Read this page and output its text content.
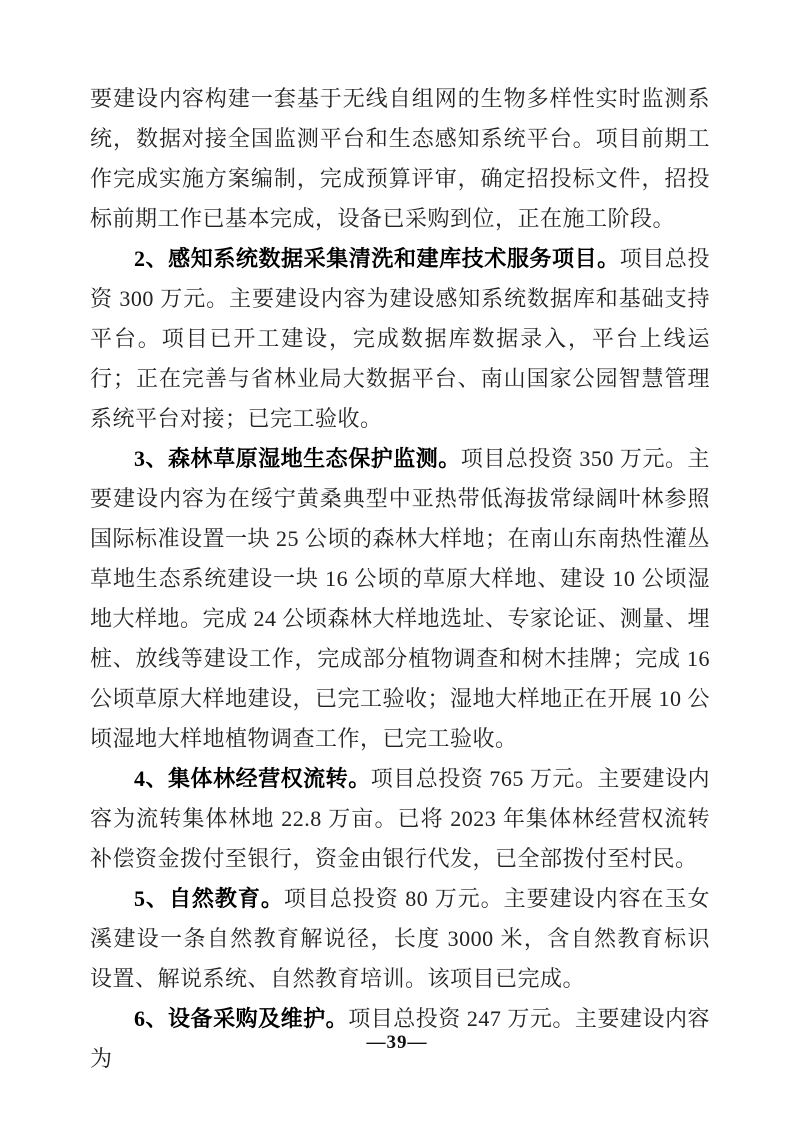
要建设内容构建一套基于无线自组网的生物多样性实时监测系统，数据对接全国监测平台和生态感知系统平台。项目前期工作完成实施方案编制，完成预算评审，确定招投标文件，招投标前期工作已基本完成，设备已采购到位，正在施工阶段。

2、感知系统数据采集清洗和建库技术服务项目。项目总投资 300 万元。主要建设内容为建设感知系统数据库和基础支持平台。项目已开工建设，完成数据库数据录入，平台上线运行；正在完善与省林业局大数据平台、南山国家公园智慧管理系统平台对接；已完工验收。

3、森林草原湿地生态保护监测。项目总投资 350 万元。主要建设内容为在绥宁黄桑典型中亚热带低海拔常绿阔叶林参照国际标准设置一块 25 公顷的森林大样地；在南山东南热性灌丛草地生态系统建设一块 16 公顷的草原大样地、建设 10 公顷湿地大样地。完成 24 公顷森林大样地选址、专家论证、测量、埋桩、放线等建设工作，完成部分植物调查和树木挂牌；完成 16 公顷草原大样地建设，已完工验收；湿地大样地正在开展 10 公顷湿地大样地植物调查工作，已完工验收。

4、集体林经营权流转。项目总投资 765 万元。主要建设内容为流转集体林地 22.8 万亩。已将 2023 年集体林经营权流转补偿资金拨付至银行，资金由银行代发，已全部拨付至村民。

5、自然教育。项目总投资 80 万元。主要建设内容在玉女溪建设一条自然教育解说径，长度 3000 米，含自然教育标识设置、解说系统、自然教育培训。该项目已完成。

6、设备采购及维护。项目总投资 247 万元。主要建设内容为

—39—
